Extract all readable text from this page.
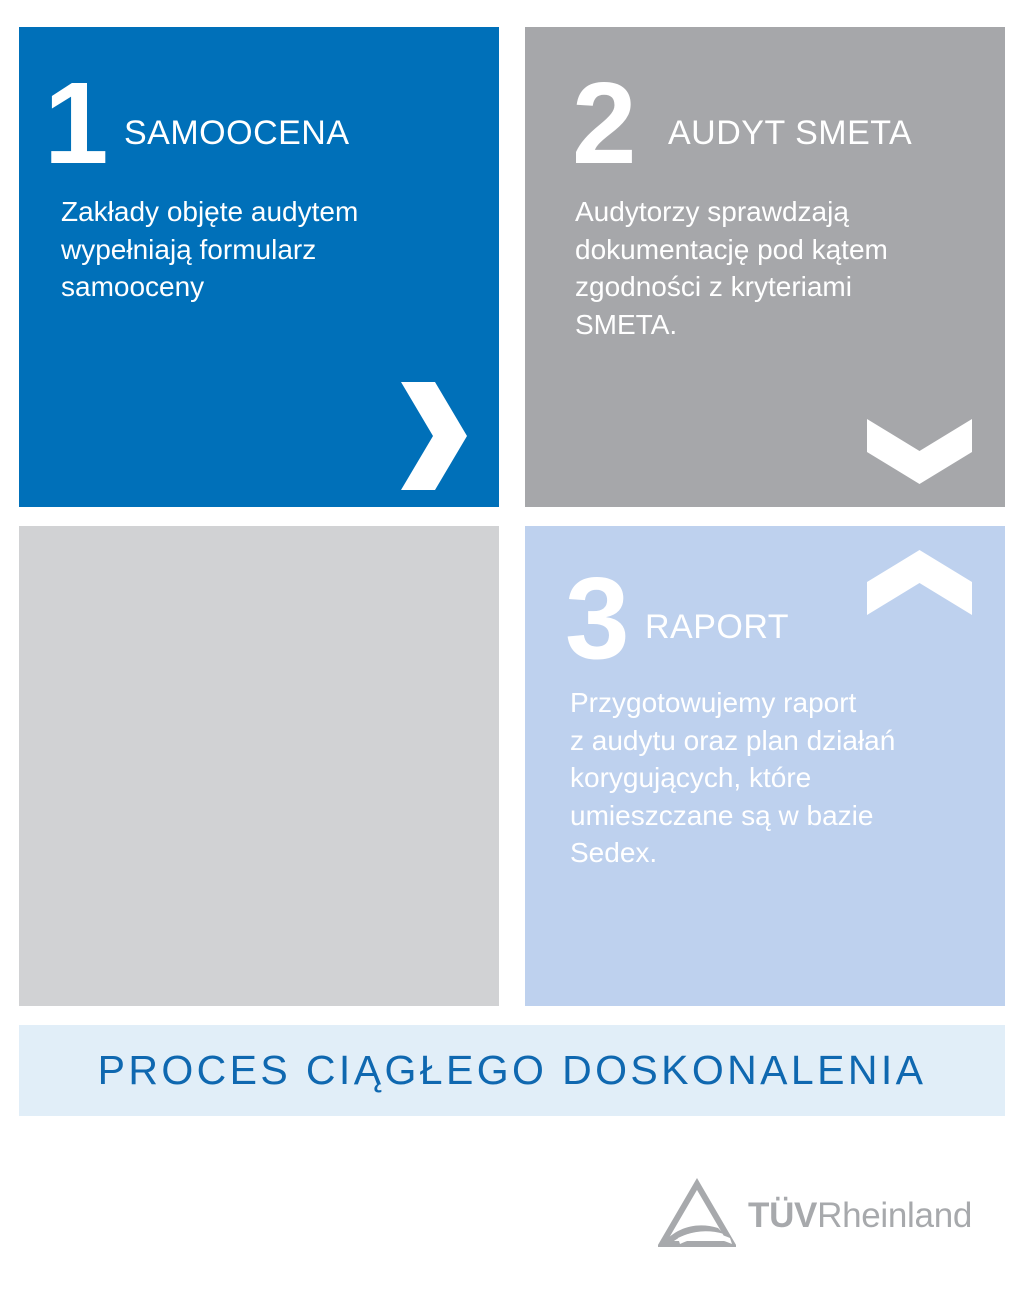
1 SAMOOCENA

Zakłady objęte audytem
wypełniają formularz
samooceny

2 AUDYT SMETA

Audytorzy sprawdzają
dokumentację pod kątem
zgodności z kryteriami
SMETA.

3 RAPORT

Przygotowujemy raport
z audytu oraz plan działań
korygujących, które
umieszczane są w bazie
Sedex.

PROCES CIĄGŁEGO DOSKONALENIA
TÜVRheinland
